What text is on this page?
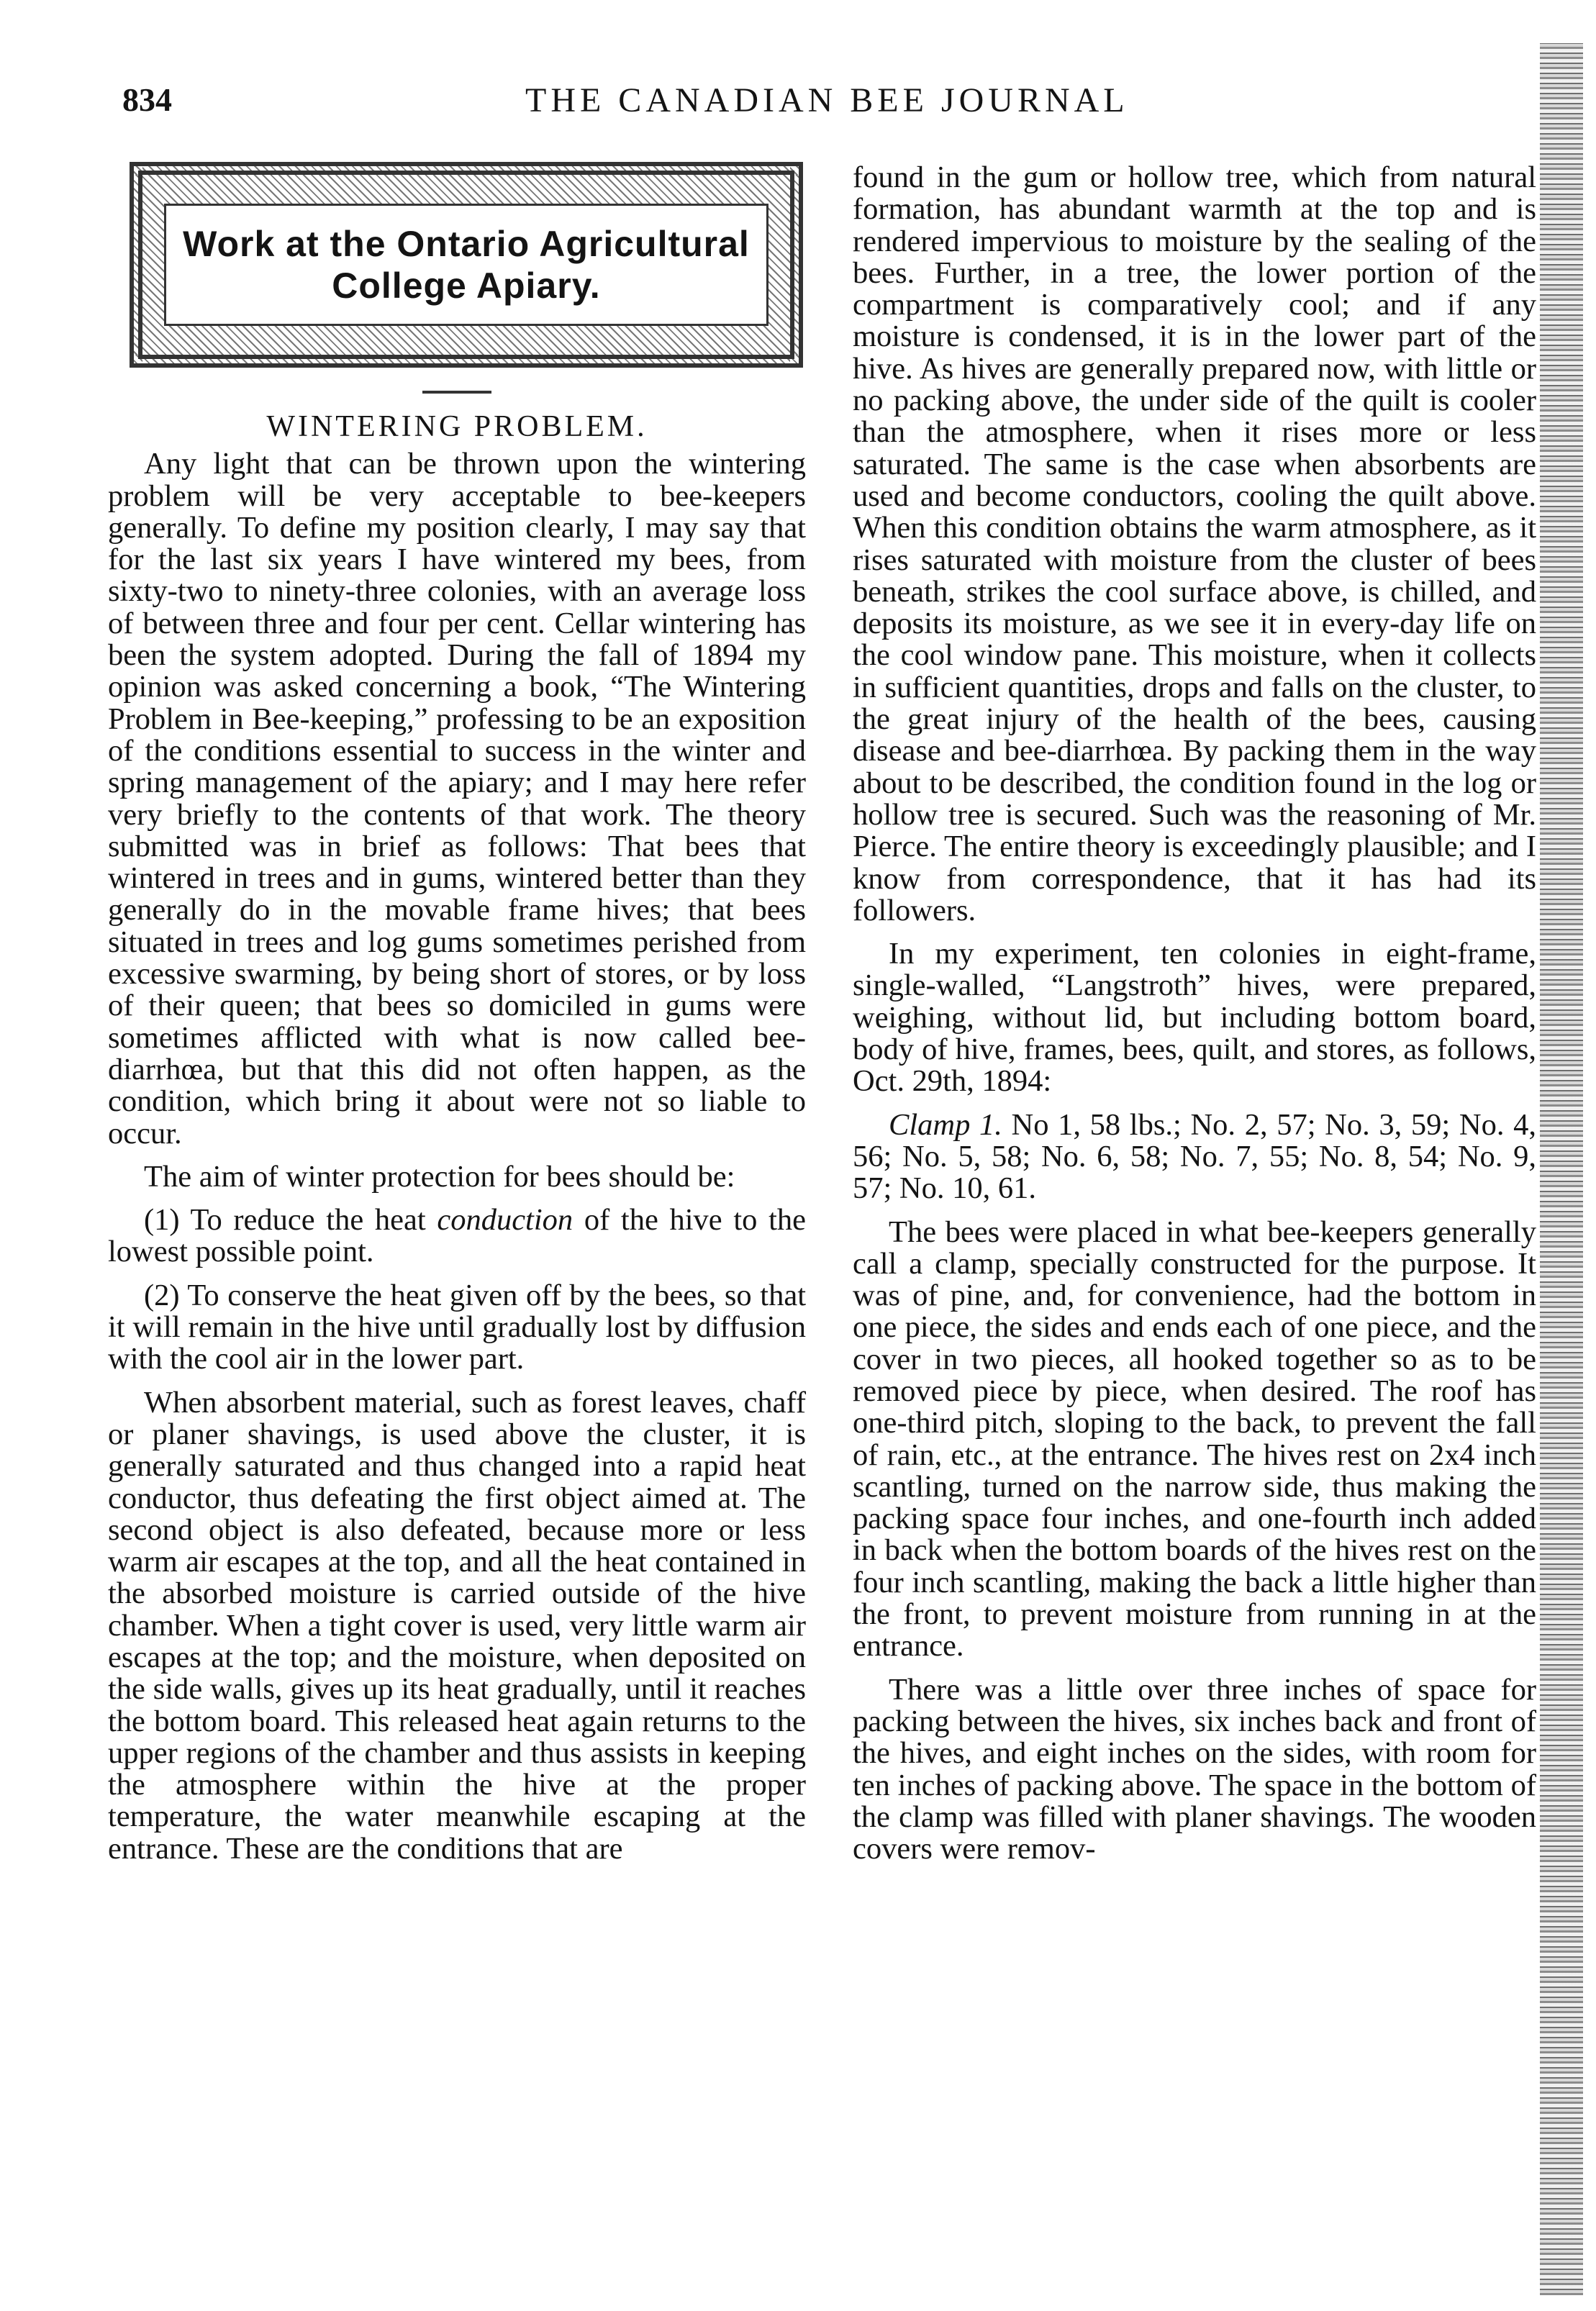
834	THE CANADIAN BEE JOURNAL
Work at the Ontario Agricultural
College Apiary.
WINTERING PROBLEM.

Any light that can be thrown upon the wintering problem will be very acceptable to bee-keepers generally. To define my position clearly, I may say that for the last six years I have wintered my bees, from sixty-two to ninety-three colonies, with an average loss of between three and four per cent. Cellar wintering has been the system adopted. During the fall of 1894 my opinion was asked concerning a book, “The Wintering Problem in Bee-keeping,” professing to be an exposition of the conditions essential to success in the winter and spring management of the apiary; and I may here refer very briefly to the contents of that work. The theory submitted was in brief as follows: That bees that wintered in trees and in gums, wintered better than they generally do in the movable frame hives; that bees situated in trees and log gums sometimes perished from excessive swarming, by being short of stores, or by loss of their queen; that bees so domiciled in gums were sometimes afflicted with what is now called bee-diarrhœa, but that this did not often happen, as the condition, which bring it about were not so liable to occur.

The aim of winter protection for bees should be:

(1) To reduce the heat conduction of the hive to the lowest possible point.

(2) To conserve the heat given off by the bees, so that it will remain in the hive until gradually lost by diffusion with the cool air in the lower part.

When absorbent material, such as forest leaves, chaff or planer shavings, is used above the cluster, it is generally saturated and thus changed into a rapid heat conductor, thus defeating the first object aimed at. The second object is also defeated, because more or less warm air escapes at the top, and all the heat contained in the absorbed moisture is carried outside of the hive chamber. When a tight cover is used, very little warm air escapes at the top; and the moisture, when deposited on the side walls, gives up its heat gradually, until it reaches the bottom board. This released heat again returns to the upper regions of the chamber and thus assists in keeping the atmosphere within the hive at the proper temperature, the water meanwhile escaping at the entrance. These are the conditions that are

found in the gum or hollow tree, which from natural formation, has abundant warmth at the top and is rendered impervious to moisture by the sealing of the bees. Further, in a tree, the lower portion of the compartment is comparatively cool; and if any moisture is condensed, it is in the lower part of the hive. As hives are generally prepared now, with little or no packing above, the under side of the quilt is cooler than the atmosphere, when it rises more or less saturated. The same is the case when absorbents are used and become conductors, cooling the quilt above. When this condition obtains the warm atmosphere, as it rises saturated with moisture from the cluster of bees beneath, strikes the cool surface above, is chilled, and deposits its moisture, as we see it in every-day life on the cool window pane. This moisture, when it collects in sufficient quantities, drops and falls on the cluster, to the great injury of the health of the bees, causing disease and bee-diarrhœa. By packing them in the way about to be described, the condition found in the log or hollow tree is secured. Such was the reasoning of Mr. Pierce. The entire theory is exceedingly plausible; and I know from correspondence, that it has had its followers.

In my experiment, ten colonies in eight-frame, single-walled, “Langstroth” hives, were prepared, weighing, without lid, but including bottom board, body of hive, frames, bees, quilt, and stores, as follows, Oct. 29th, 1894:

Clamp 1. No 1, 58 lbs.; No. 2, 57; No. 3, 59; No. 4, 56; No. 5, 58; No. 6, 58; No. 7, 55; No. 8, 54; No. 9, 57; No. 10, 61.

The bees were placed in what bee-keepers generally call a clamp, specially constructed for the purpose. It was of pine, and, for convenience, had the bottom in one piece, the sides and ends each of one piece, and the cover in two pieces, all hooked together so as to be removed piece by piece, when desired. The roof has one-third pitch, sloping to the back, to prevent the fall of rain, etc., at the entrance. The hives rest on 2x4 inch scantling, turned on the narrow side, thus making the packing space four inches, and one-fourth inch added in back when the bottom boards of the hives rest on the four inch scantling, making the back a little higher than the front, to prevent moisture from running in at the entrance.

There was a little over three inches of space for packing between the hives, six inches back and front of the hives, and eight inches on the sides, with room for ten inches of packing above. The space in the bottom of the clamp was filled with planer shavings. The wooden covers were remov-
